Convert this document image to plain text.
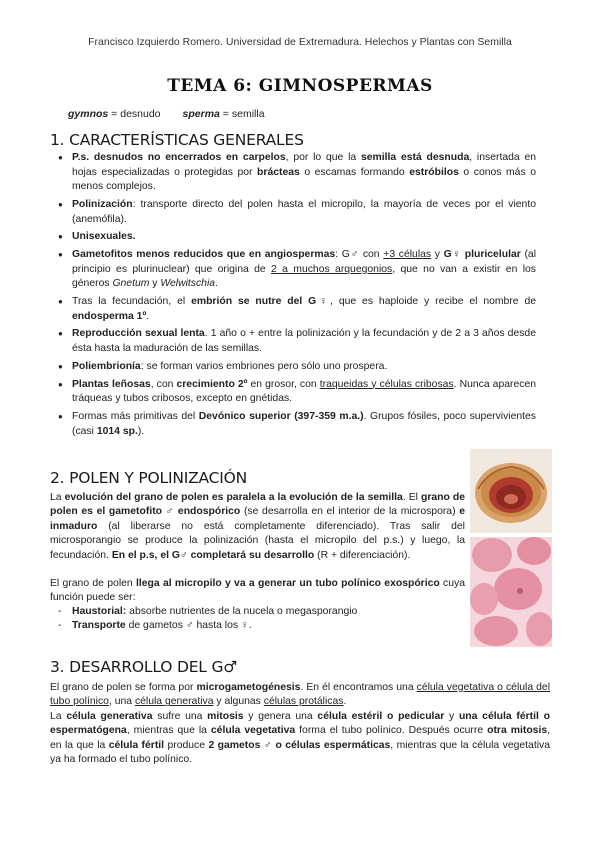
Francisco Izquierdo Romero. Universidad de Extremadura. Helechos y Plantas con Semilla
TEMA 6: GIMNOSPERMAS
gymnos = desnudo sperma = semilla
1. CARACTERÍSTICAS GENERALES
● P.s. desnudos no encerrados en carpelos, por lo que la semilla está desnuda, insertada en hojas especializadas o protegidas por brácteas o escamas formando estróbilos o conos más o menos complejos.
● Polinización: transporte directo del polen hasta el micropilo, la mayoría de veces por el viento (anemófila).
● Unisexuales.
● Gametofitos menos reducidos que en angiospermas: G♂ con +3 células y G♀ pluricelular (al principio es plurinuclear) que origina de 2 a muchos arquegonios, que no van a existir en los géneros Gnetum y Welwitschia.
● Tras la fecundación, el embrión se nutre del G♀, que es haploide y recibe el nombre de endosperma 1º.
● Reproducción sexual lenta. 1 año o + entre la polinización y la fecundación y de 2 a 3 años desde ésta hasta la maduración de las semillas.
● Poliembrionía: se forman varios embriones pero sólo uno prospera.
● Plantas leñosas, con crecimiento 2º en grosor, con traqueidas y células cribosas. Nunca aparecen tráqueas y tubos cribosos, excepto en gnétidas.
● Formas más primitivas del Devónico superior (397-359 m.a.). Grupos fósiles, poco supervivientes (casi 1014 sp.).
2. POLEN Y POLINIZACIÓN

La evolución del grano de polen es paralela a la evolución de la semilla. El grano de polen es el gametofito ♂ endospórico (se desarrolla en el interior de la microspora) e inmaduro (al liberarse no está completamente diferenciado). Tras salir del microsporangio se produce la polinización (hasta el micropilo del p.s.) y luego, la fecundación. En el p.s, el G♂ completará su desarrollo (R + diferenciación).

El grano de polen llega al micropilo y va a generar un tubo polínico exospórico cuya función puede ser:

- Haustorial: absorbe nutrientes de la nucela o megasporangio
- Transporte de gametos ♂ hasta los ♀.
3. DESARROLLO DEL G♂

El grano de polen se forma por microgametogénesis. En él encontramos una célula vegetativa o célula del tubo polínico, una célula generativa y algunas células protálicas.

La célula generativa sufre una mitosis y genera una célula estéril o pedicular y una célula fértil o espermatógena, mientras que la célula vegetativa forma el tubo polínico. Después ocurre otra mitosis, en la que la célula fértil produce 2 gametos ♂ o células espermáticas, mientras que la célula vegetativa ya ha formado el tubo polínico.
